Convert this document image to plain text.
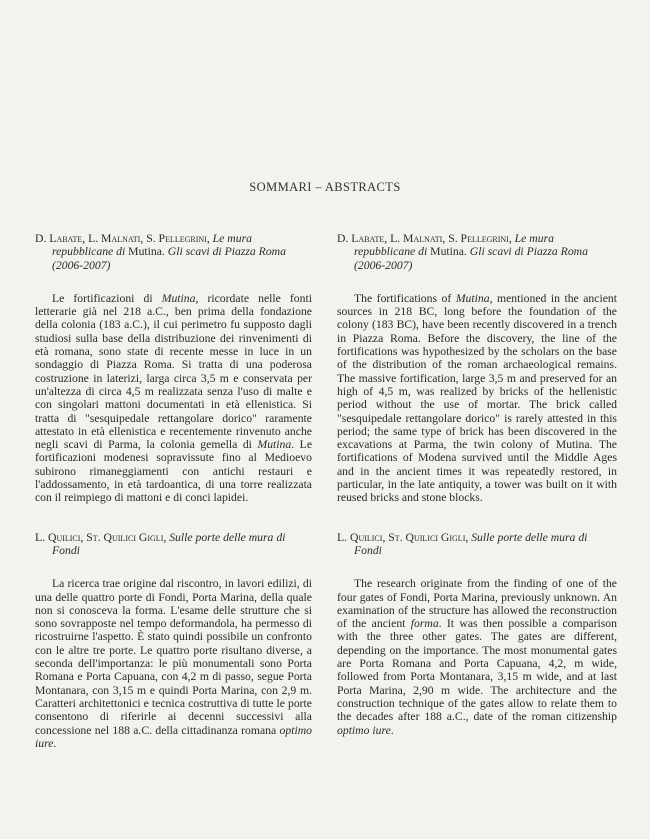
SOMMARI – ABSTRACTS

D. Labate, L. Malnati, S. Pellegrini, Le mura repubblicane di Mutina. Gli scavi di Piazza Roma (2006-2007)

Le fortificazioni di Mutina, ricordate nelle fonti letterarie già nel 218 a.C., ben prima della fondazione della colonia (183 a.C.), il cui perimetro fu supposto dagli studiosi sulla base della distribuzione dei rinvenimenti di età romana, sono state di recente messe in luce in un sondaggio di Piazza Roma. Si tratta di una poderosa costruzione in laterizi, larga circa 3,5 m e conservata per un'altezza di circa 4,5 m realizzata senza l'uso di malte e con singolari mattoni documentati in età ellenistica. Si tratta di "sesquipedale rettangolare dorico" raramente attestato in età ellenistica e recentemente rinvenuto anche negli scavi di Parma, la colonia gemella di Mutina. Le fortificazioni modenesi sopravissute fino al Medioevo subirono rimaneggiamenti con antichi restauri e l'addossamento, in età tardoantica, di una torre realizzata con il reimpiego di mattoni e di conci lapidei.

L. Quilici, St. Quilici Gigli, Sulle porte delle mura di Fondi

La ricerca trae origine dal riscontro, in lavori edilizi, di una delle quattro porte di Fondi, Porta Marina, della quale non si conosceva la forma. L'esame delle strutture che si sono sovrapposte nel tempo deformandola, ha permesso di ricostruirne l'aspetto. È stato quindi possibile un confronto con le altre tre porte. Le quattro porte risultano diverse, a seconda dell'importanza: le più monumentali sono Porta Romana e Porta Capuana, con 4,2 m di passo, segue Porta Montanara, con 3,15 m e quindi Porta Marina, con 2,9 m. Caratteri architettonici e tecnica costruttiva di tutte le porte consentono di riferirle ai decenni successivi alla concessione nel 188 a.C. della cittadinanza romana optimo iure.

D. Labate, L. Malnati, S. Pellegrini, Le mura repubblicane di Mutina. Gli scavi di Piazza Roma (2006-2007)

The fortifications of Mutina, mentioned in the ancient sources in 218 BC, long before the foundation of the colony (183 BC), have been recently discovered in a trench in Piazza Roma. Before the discovery, the line of the fortifications was hypothesized by the scholars on the base of the distribution of the roman archaeological remains. The massive fortification, large 3,5 m and preserved for an high of 4,5 m, was realized by bricks of the hellenistic period without the use of mortar. The brick called "sesquipedale rettangolare dorico" is rarely attested in this period; the same type of brick has been discovered in the excavations at Parma, the twin colony of Mutina. The fortifications of Modena survived until the Middle Ages and in the ancient times it was repeatedly restored, in particular, in the late antiquity, a tower was built on it with reused bricks and stone blocks.

L. Quilici, St. Quilici Gigli, Sulle porte delle mura di Fondi

The research originate from the finding of one of the four gates of Fondi, Porta Marina, previously unknown. An examination of the structure has allowed the reconstruction of the ancient forma. It was then possible a comparison with the three other gates. The gates are different, depending on the importance. The most monumental gates are Porta Romana and Porta Capuana, 4,2, m wide, followed from Porta Montanara, 3,15 m wide, and at last Porta Marina, 2,90 m wide. The architecture and the construction technique of the gates allow to relate them to the decades after 188 a.C., date of the roman citizenship optimo iure.
